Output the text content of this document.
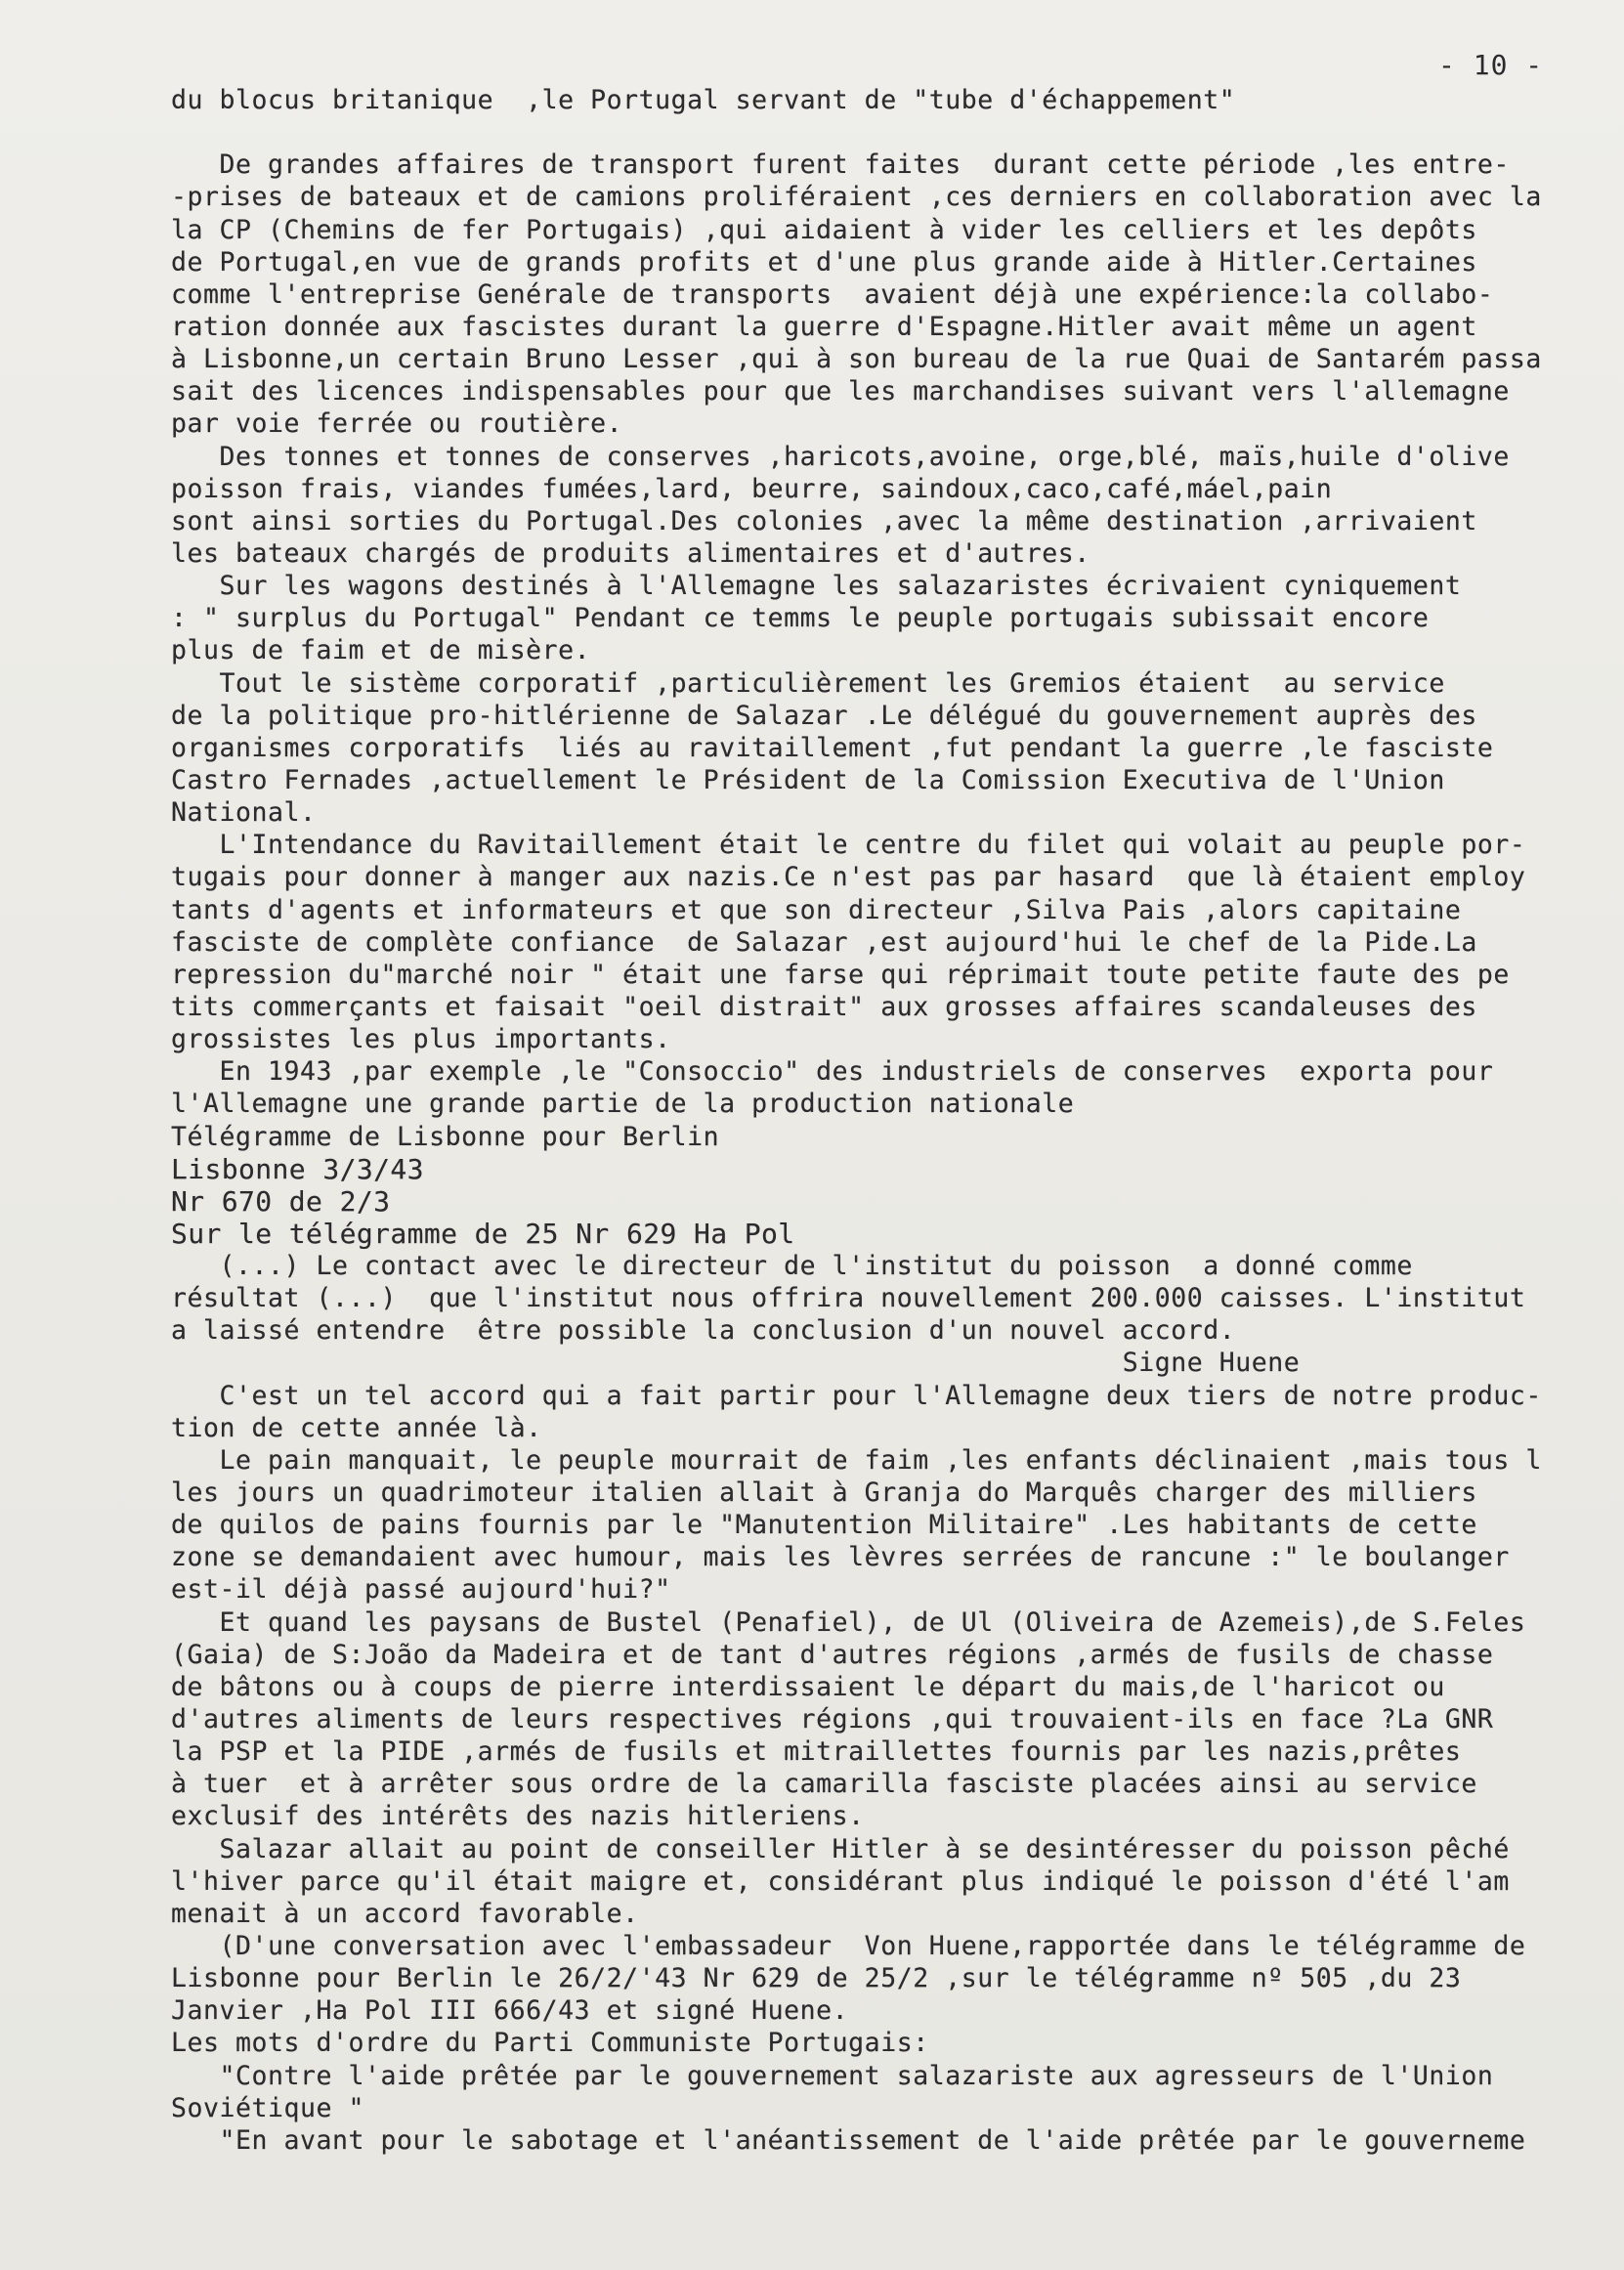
- 10 -
du blocus britanique  ,le Portugal servant de "tube d'échappement"
De grandes affaires de transport furent faites  durant cette période ,les entre-
-prises de bateaux et de camions proliféraient ,ces derniers en collaboration avec la
la CP (Chemins de fer Portugais) ,qui aidaient à vider les celliers et les depôts
de Portugal,en vue de grands profits et d'une plus grande aide à Hitler.Certaines
comme l'entreprise Genérale de transports  avaient déjà une expérience:la collabo-
ration donnée aux fascistes durant la guerre d'Espagne.Hitler avait même un agent
à Lisbonne,un certain Bruno Lesser ,qui à son bureau de la rue Quai de Santarém passa
sait des licences indispensables pour que les marchandises suivant vers l'allemagne
par voie ferrée ou routière.
Des tonnes et tonnes de conserves ,haricots,avoine, orge,blé, maïs,huile d'olive
poisson frais, viandes fumées,lard, beurre, saindoux,caco,café,máel,pain
sont ainsi sorties du Portugal.Des colonies ,avec la même destination ,arrivaient
les bateaux chargés de produits alimentaires et d'autres.
Sur les wagons destinés à l'Allemagne les salazaristes écrivaient cyniquement
: " surplus du Portugal" Pendant ce temms le peuple portugais subissait encore
plus de faim et de misère.
Tout le sistème corporatif ,particulièrement les Gremios étaient  au service
de la politique pro-hitlérienne de Salazar .Le délégué du gouvernement auprès des
organismes corporatifs  liés au ravitaillement ,fut pendant la guerre ,le fasciste
Castro Fernades ,actuellement le Président de la Comission Executiva de l'Union
National.
L'Intendance du Ravitaillement était le centre du filet qui volait au peuple por-
tugais pour donner à manger aux nazis.Ce n'est pas par hasard  que là étaient employ
tants d'agents et informateurs et que son directeur ,Silva Pais ,alors capitaine
fasciste de complète confiance  de Salazar ,est aujourd'hui le chef de la Pide.La
repression du"marché noir " était une farse qui réprimait toute petite faute des pe
tits commerçants et faisait "oeil distrait" aux grosses affaires scandaleuses des
grossistes les plus importants.
En 1943 ,par exemple ,le "Consoccio" des industriels de conserves  exporta pour
l'Allemagne une grande partie de la production nationale
Télégramme de Lisbonne pour Berlin
Lisbonne 3/3/43
Nr 670 de 2/3
Sur le télégramme de 25 Nr 629 Ha Pol
(...) Le contact avec le directeur de l'institut du poisson  a donné comme
résultat (...)  que l'institut nous offrira nouvellement 200.000 caisses. L'institut
a laissé entendre  être possible la conclusion d'un nouvel accord.
Signe Huene
C'est un tel accord qui a fait partir pour l'Allemagne deux tiers de notre produc-
tion de cette année là.
Le pain manquait, le peuple mourrait de faim ,les enfants déclinaient ,mais tous l
les jours un quadrimoteur italien allait à Granja do Marquês charger des milliers
de quilos de pains fournis par le "Manutention Militaire" .Les habitants de cette
zone se demandaient avec humour, mais les lèvres serrées de rancune :" le boulanger
est-il déjà passé aujourd'hui?"
Et quand les paysans de Bustel (Penafiel), de Ul (Oliveira de Azemeis),de S.Feles
(Gaia) de S:João da Madeira et de tant d'autres régions ,armés de fusils de chasse
de bâtons ou à coups de pierre interdissaient le départ du mais,de l'haricot ou
d'autres aliments de leurs respectives régions ,qui trouvaient-ils en face ?La GNR
la PSP et la PIDE ,armés de fusils et mitraillettes fournis par les nazis,prêtes
à tuer  et à arrêter sous ordre de la camarilla fasciste placées ainsi au service
exclusif des intérêts des nazis hitleriens.
Salazar allait au point de conseiller Hitler à se desintéresser du poisson pêché
l'hiver parce qu'il était maigre et, considérant plus indiqué le poisson d'été l'am
menait à un accord favorable.
(D'une conversation avec l'embassadeur  Von Huene,rapportée dans le télégramme de
Lisbonne pour Berlin le 26/2/'43 Nr 629 de 25/2 ,sur le télégramme nº 505 ,du 23
Janvier ,Ha Pol III 666/43 et signé Huene.
Les mots d'ordre du Parti Communiste Portugais:
"Contre l'aide prêtée par le gouvernement salazariste aux agresseurs de l'Union
Soviétique "
"En avant pour le sabotage et l'anéantissement de l'aide prêtée par le gouverneme
